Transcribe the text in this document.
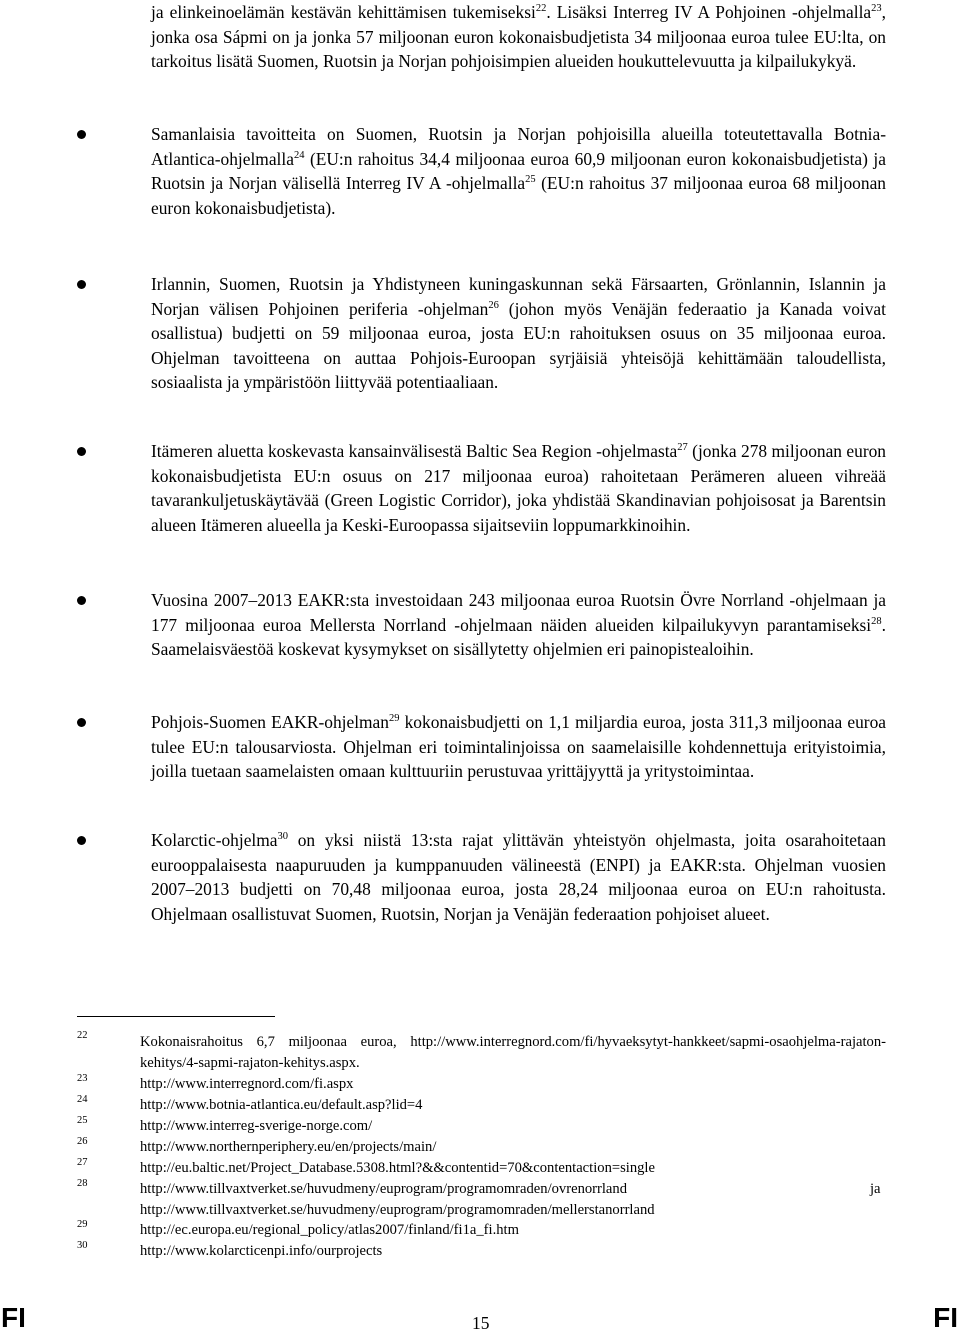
ja elinkeinoelämän kestävän kehittämisen tukemiseksi$^{22}$. Lisäksi Interreg IV A Pohjoinen -ohjelmalla$^{23}$, jonka osa Sápmi on ja jonka 57 miljoonan euron kokonaisbudjetista 34 miljoonaa euroa tulee EU:lta, on tarkoitus lisätä Suomen, Ruotsin ja Norjan pohjoisimpien alueiden houkuttelevuutta ja kilpailukykyä.
Samanlaisia tavoitteita on Suomen, Ruotsin ja Norjan pohjoisilla alueilla toteutettavalla Botnia-Atlantica-ohjelmalla$^{24}$ (EU:n rahoitus 34,4 miljoonaa euroa 60,9 miljoonan euron kokonaisbudjetista) ja Ruotsin ja Norjan välisellä Interreg IV A -ohjelmalla$^{25}$ (EU:n rahoitus 37 miljoonaa euroa 68 miljoonan euron kokonaisbudjetista).
Irlannin, Suomen, Ruotsin ja Yhdistyneen kuningaskunnan sekä Färsaarten, Grönlannin, Islannin ja Norjan välisen Pohjoinen periferia -ohjelman$^{26}$ (johon myös Venäjän federaatio ja Kanada voivat osallistua) budjetti on 59 miljoonaa euroa, josta EU:n rahoituksen osuus on 35 miljoonaa euroa. Ohjelman tavoitteena on auttaa Pohjois-Euroopan syrjäisiä yhteisöjä kehittämään taloudellista, sosiaalista ja ympäristöön liittyvää potentiaaliaan.
Itämeren aluetta koskevasta kansainvälisestä Baltic Sea Region -ohjelmasta$^{27}$ (jonka 278 miljoonan euron kokonaisbudjetista EU:n osuus on 217 miljoonaa euroa) rahoitetaan Perämeren alueen vihreää tavarankuljetuskäytävää (Green Logistic Corridor), joka yhdistää Skandinavian pohjoisosat ja Barentsin alueen Itämeren alueella ja Keski-Euroopassa sijaitseviin loppumarkkinoihin.
Vuosina 2007–2013 EAKR:sta investoidaan 243 miljoonaa euroa Ruotsin Övre Norrland -ohjelmaan ja 177 miljoonaa euroa Mellersta Norrland -ohjelmaan näiden alueiden kilpailukyvyn parantamiseksi$^{28}$. Saamelaisväestöä koskevat kysymykset on sisällytetty ohjelmien eri painopistealoihin.
Pohjois-Suomen EAKR-ohjelman$^{29}$ kokonaisbudjetti on 1,1 miljardia euroa, josta 311,3 miljoonaa euroa tulee EU:n talousarviosta. Ohjelman eri toimintalinjoissa on saamelaisille kohdennettuja erityistoimia, joilla tuetaan saamelaisten omaan kulttuuriin perustuvaa yrittäjyyttä ja yritystoimintaa.
Kolarctic-ohjelma$^{30}$ on yksi niistä 13:sta rajat ylittävän yhteistyön ohjelmasta, joita osarahoitetaan eurooppalaisesta naapuruuden ja kumppanuuden välineestä (ENPI) ja EAKR:sta. Ohjelman vuosien 2007–2013 budjetti on 70,48 miljoonaa euroa, josta 28,24 miljoonaa euroa on EU:n rahoitusta. Ohjelmaan osallistuvat Suomen, Ruotsin, Norjan ja Venäjän federaation pohjoiset alueet.
22	Kokonaisrahoitus 6,7 miljoonaa euroa, http://www.interregnord.com/fi/hyvaeksytyt-hankkeet/sapmi-osaohjelma-rajaton-kehitys/4-sapmi-rajaton-kehitys.aspx.
23	http://www.interregnord.com/fi.aspx
24	http://www.botnia-atlantica.eu/default.asp?lid=4
25	http://www.interreg-sverige-norge.com/
26	http://www.northernperiphery.eu/en/projects/main/
27	http://eu.baltic.net/Project_Database.5308.html?&&contentid=70&contentaction=single
28	http://www.tillvaxtverket.se/huvudmeny/euprogram/programomraden/ovrenorrland	ja
http://www.tillvaxtverket.se/huvudmeny/euprogram/programomraden/mellerstanorrland
29	http://ec.europa.eu/regional_policy/atlas2007/finland/fi1a_fi.htm
30	http://www.kolarcticenpi.info/ourprojects
FI	15	FI
